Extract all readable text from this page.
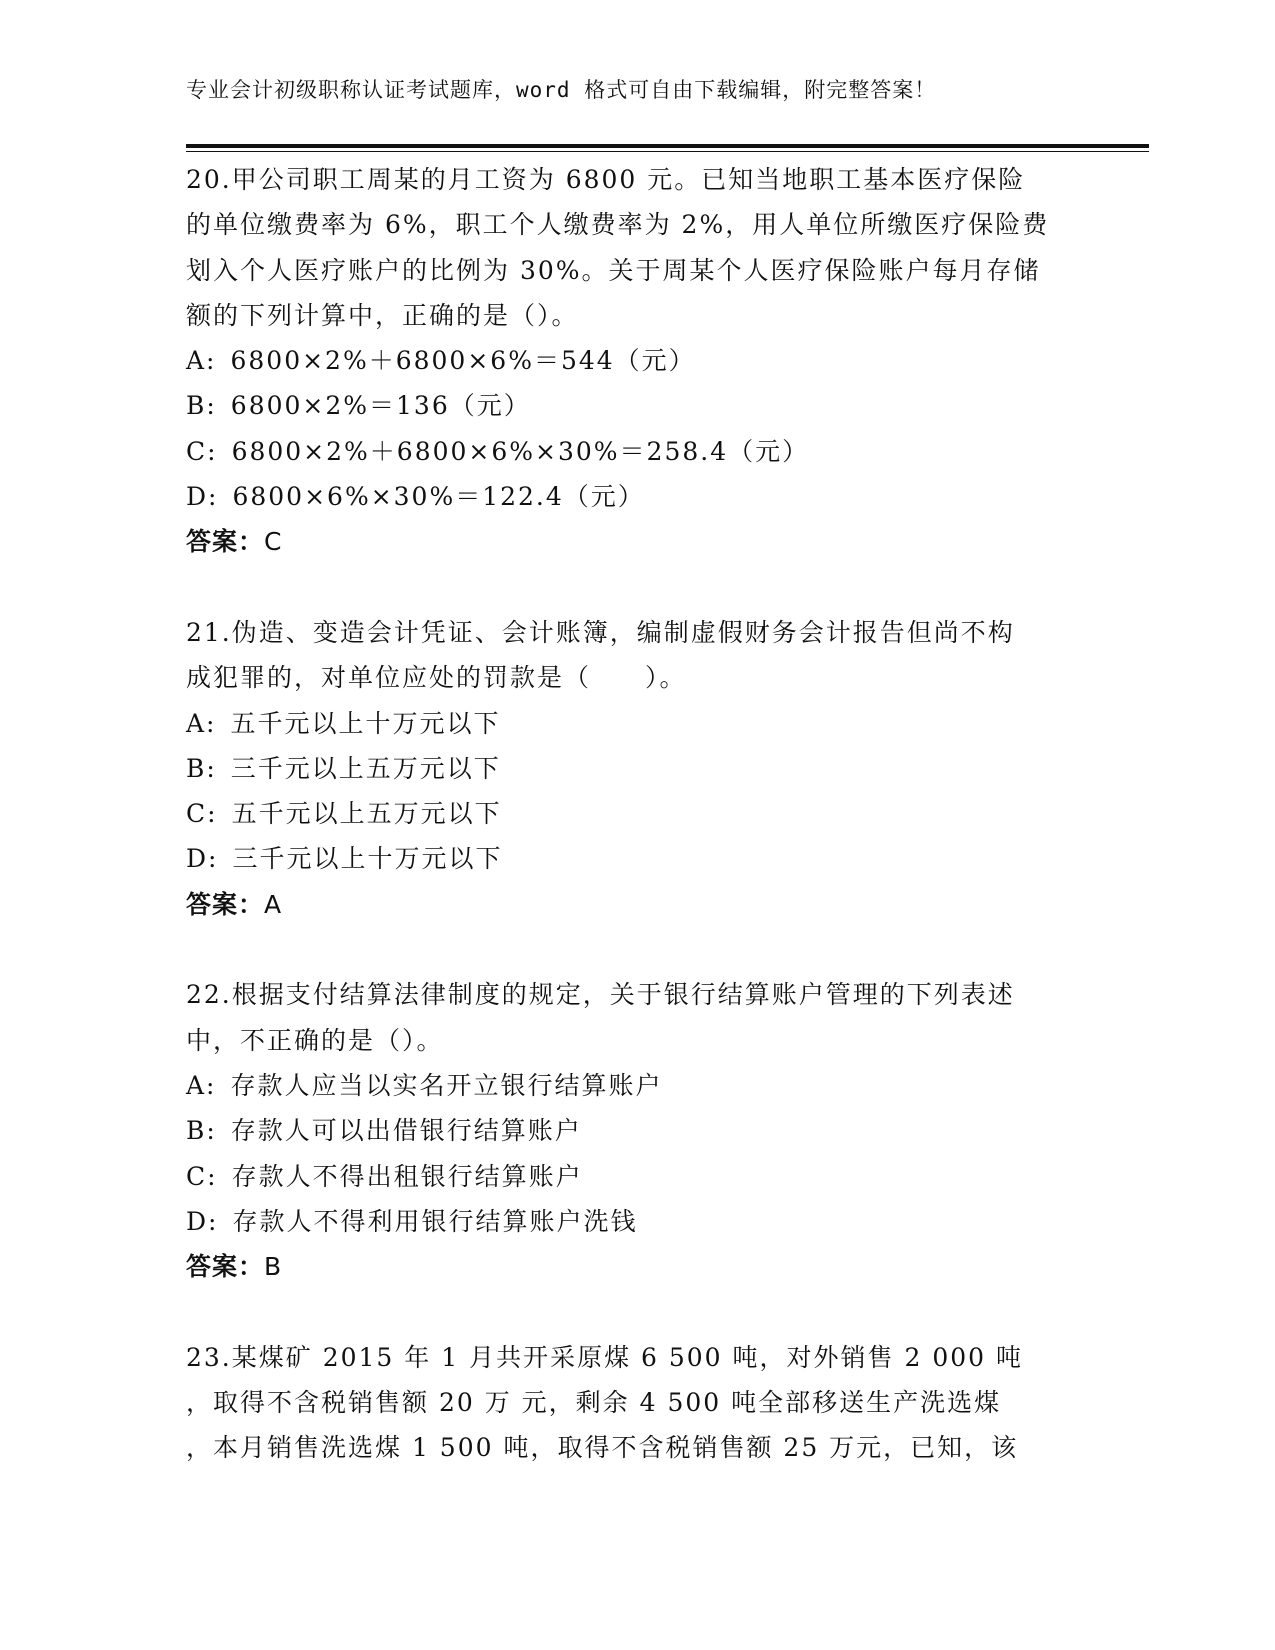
专业会计初级职称认证考试题库，word 格式可自由下载编辑，附完整答案！
20.甲公司职工周某的月工资为 6800 元。已知当地职工基本医疗保险
的单位缴费率为 6%，职工个人缴费率为 2%，用人单位所缴医疗保险费
划入个人医疗账户的比例为 30%。关于周某个人医疗保险账户每月存储
额的下列计算中，正确的是（）。
A: 6800×2%＋6800×6%＝544（元）
B: 6800×2%＝136（元）
C: 6800×2%＋6800×6%×30%＝258.4（元）
D: 6800×6%×30%＝122.4（元）
答案：C
21.伪造、变造会计凭证、会计账簿，编制虚假财务会计报告但尚不构
成犯罪的，对单位应处的罚款是（　　）。
A: 五千元以上十万元以下
B: 三千元以上五万元以下
C: 五千元以上五万元以下
D: 三千元以上十万元以下
答案：A
22.根据支付结算法律制度的规定，关于银行结算账户管理的下列表述
中，不正确的是（）。
A: 存款人应当以实名开立银行结算账户
B: 存款人可以出借银行结算账户
C: 存款人不得出租银行结算账户
D: 存款人不得利用银行结算账户洗钱
答案：B
23.某煤矿 2015 年 1 月共开采原煤 6 500 吨，对外销售 2 000 吨
，取得不含税销售额 20 万 元，剩余 4 500 吨全部移送生产洗选煤
，本月销售洗选煤 1 500 吨，取得不含税销售额 25 万元，已知，该
